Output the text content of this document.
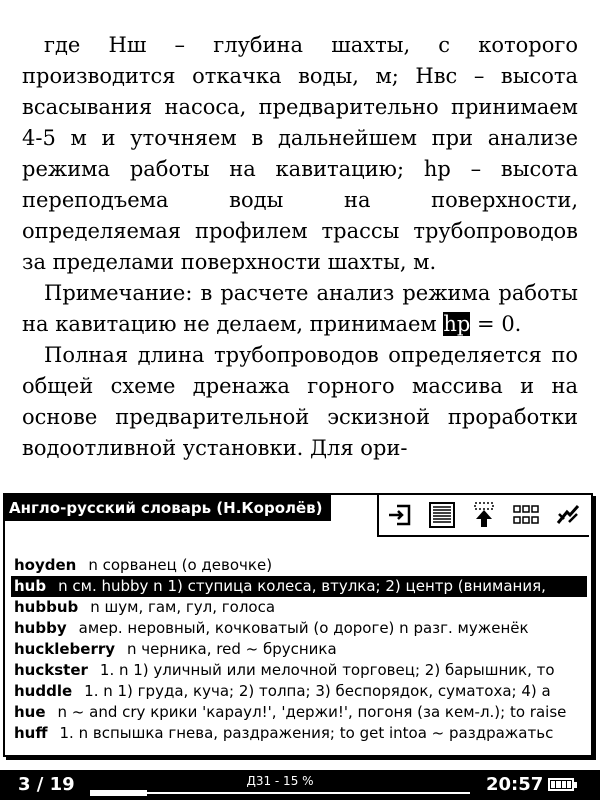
где Нш – глубина шахты, с которого производится откачка воды, м; Нвс – высота всасывания насоса, предварительно принимаем 4-5 м и уточняем в дальнейшем при анализе режима работы на кавитацию; hp – высота переподъема воды на поверхности, определяемая профилем трассы трубопроводов за пределами поверхности шахты, м.

Примечание: в расчете анализ режима работы на кавитацию не делаем, принимаем hp = 0.

Полная длина трубопроводов определяется по общей схеме дренажа горного массива и на основе предварительной эскизной проработки водоотливной установки. Для ори-

Англо-русский словарь (Н.Королёв)
hoyden n сорванец (о девочке)
hub n см. hubby n 1) ступица колеса, втулка; 2) центр (внимания,
hubbub n шум, гам, гул, голоса
hubby амер. неровный, кочковатый (о дороге) n разг. муженёк
huckleberry n черника, red ~ брусника
huckster 1. n 1) уличный или мелочной торговец; 2) барышник, то
huddle 1. n 1) груда, куча; 2) толпа; 3) беспорядок, суматоха; 4) а
hue n ~ and cry крики 'караул!', 'держи!', погоня (за кем-л.); to raise
huff 1. n вспышка гнева, раздражения; to get intoa ~ раздражатьс
3 / 19	Д31 - 15 %	20:57
